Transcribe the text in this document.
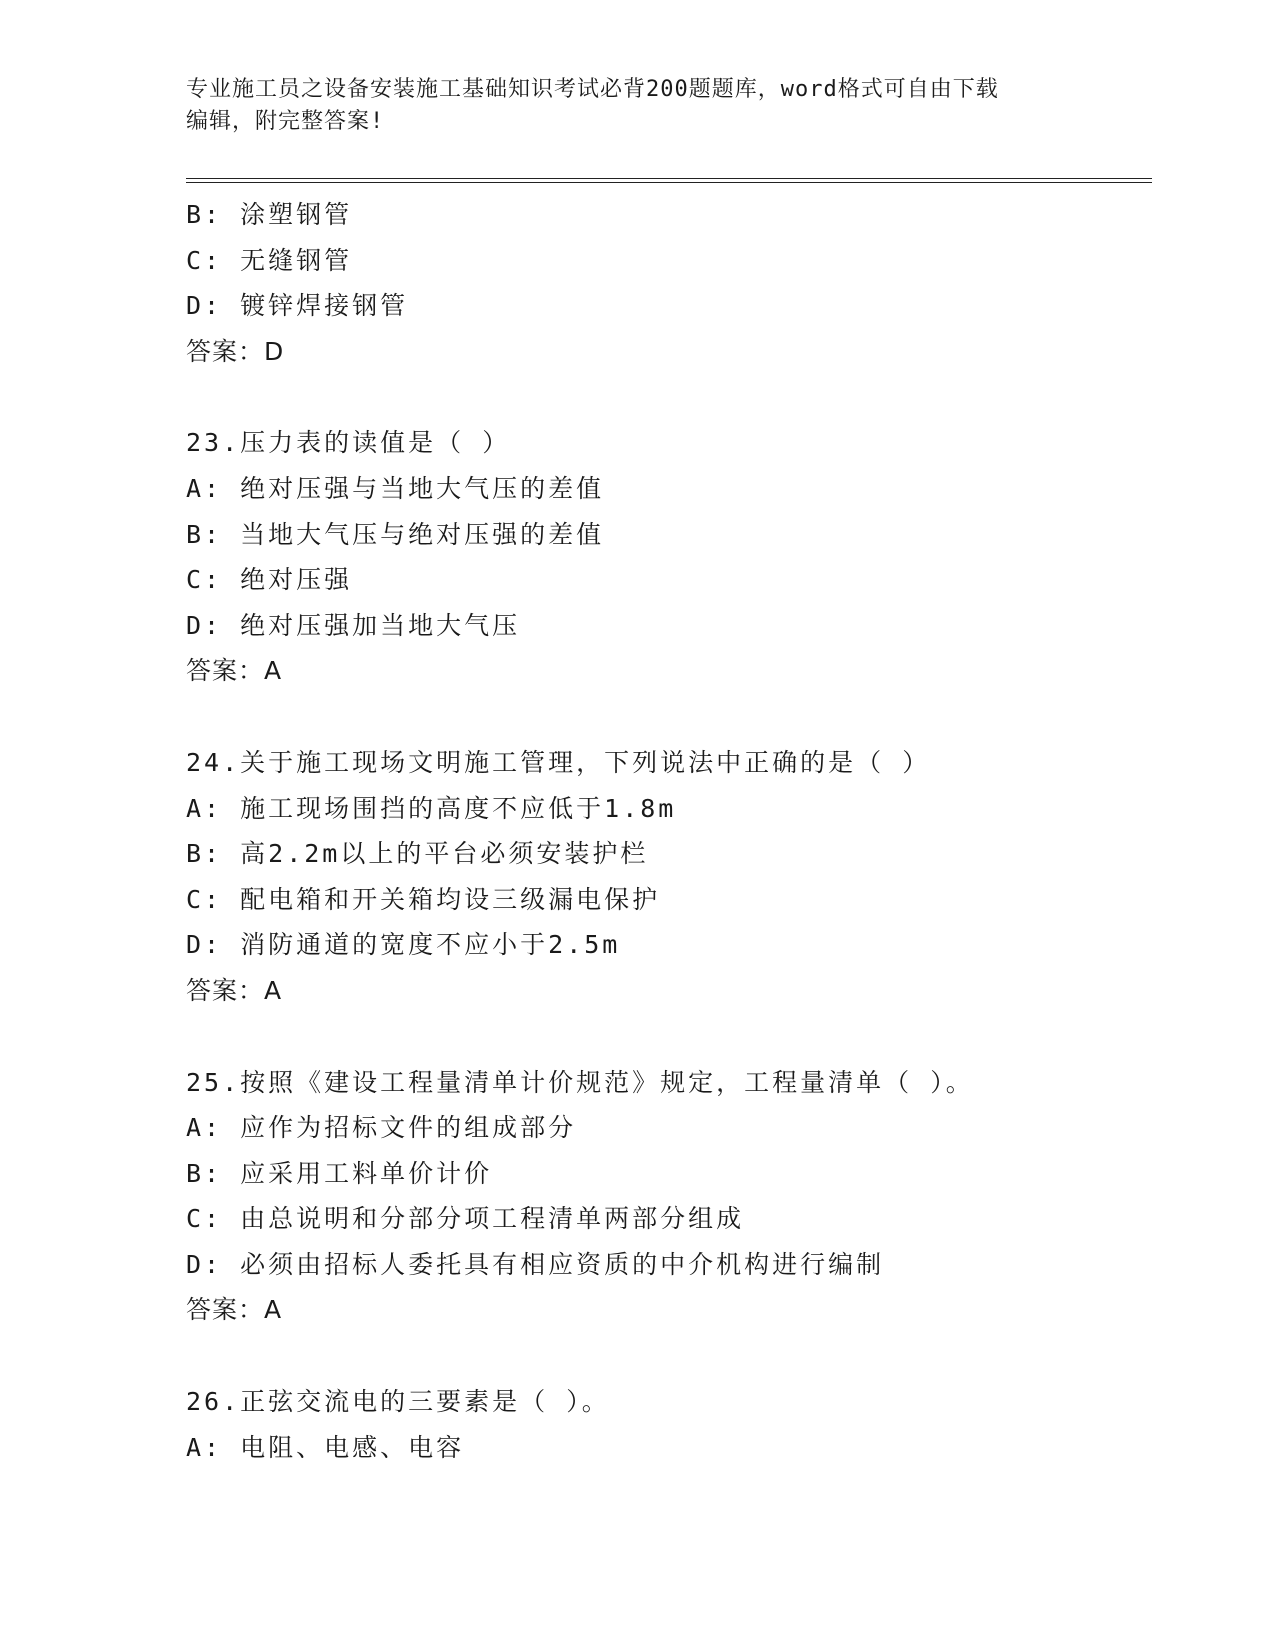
专业施工员之设备安装施工基础知识考试必背200题题库，word格式可自由下载
编辑，附完整答案!
B: 涂塑钢管
C: 无缝钢管
D: 镀锌焊接钢管
答案：D
23.压力表的读值是（ ）
A: 绝对压强与当地大气压的差值
B: 当地大气压与绝对压强的差值
C: 绝对压强
D: 绝对压强加当地大气压
答案：A
24.关于施工现场文明施工管理，下列说法中正确的是（ ）
A: 施工现场围挡的高度不应低于1.8m
B: 高2.2m以上的平台必须安装护栏
C: 配电箱和开关箱均设三级漏电保护
D: 消防通道的宽度不应小于2.5m
答案：A
25.按照《建设工程量清单计价规范》规定，工程量清单（ ）。
A: 应作为招标文件的组成部分
B: 应采用工料单价计价
C: 由总说明和分部分项工程清单两部分组成
D: 必须由招标人委托具有相应资质的中介机构进行编制
答案：A
26.正弦交流电的三要素是（ ）。
A: 电阻、电感、电容
